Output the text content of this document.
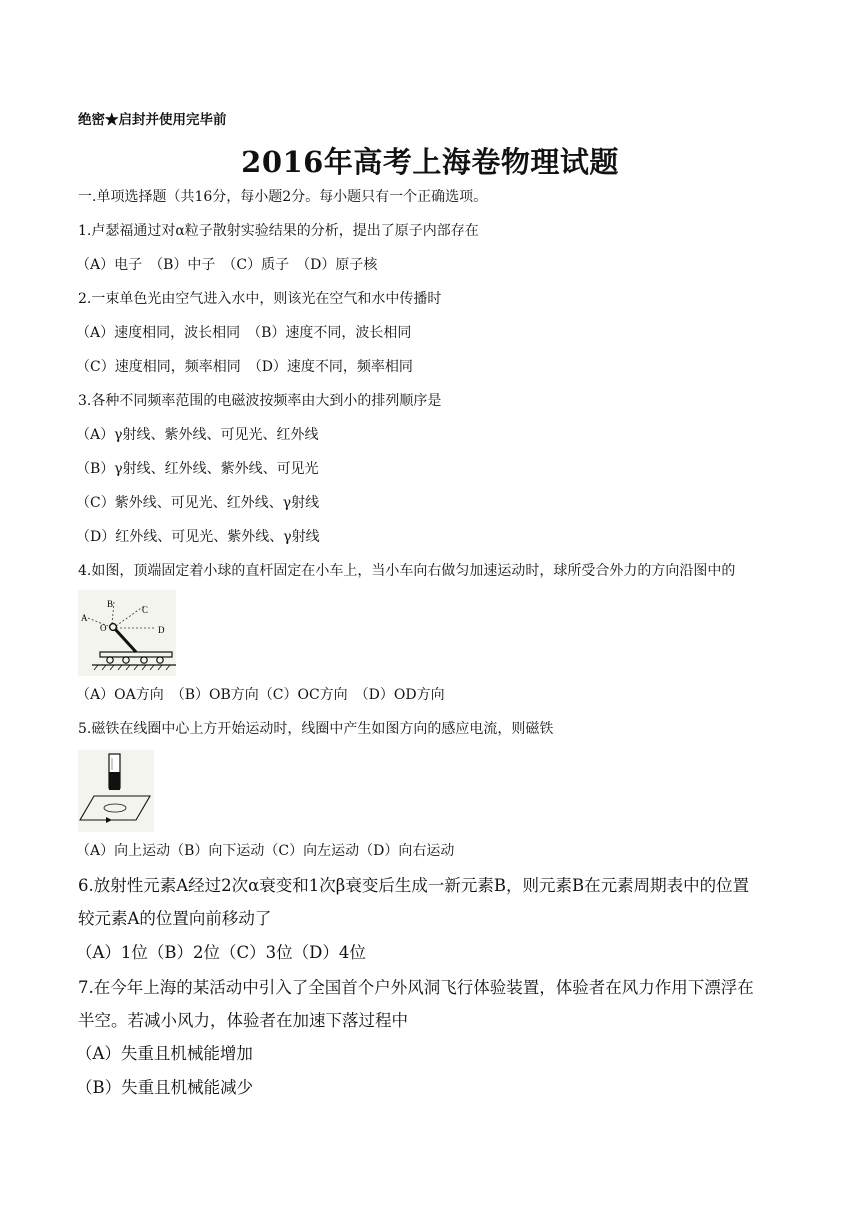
绝密★启封并使用完毕前
2016年高考上海卷物理试题
一.单项选择题（共16分，每小题2分。每小题只有一个正确选项。
1.卢瑟福通过对α粒子散射实验结果的分析，提出了原子内部存在
（A）电子　（B）中子　（C）质子　（D）原子核
2.一束单色光由空气进入水中，则该光在空气和水中传播时
（A）速度相同，波长相同　（B）速度不同，波长相同
（C）速度相同，频率相同　（D）速度不同，频率相同
3.各种不同频率范围的电磁波按频率由大到小的排列顺序是
（A）γ射线、紫外线、可见光、红外线
（B）γ射线、红外线、紫外线、可见光
（C）紫外线、可见光、红外线、γ射线
（D）红外线、可见光、紫外线、γ射线
4.如图，顶端固定着小球的直杆固定在小车上，当小车向右做匀加速运动时，球所受合外力的方向沿图中的
A
B
C
O	D
（A）OA方向　（B）OB方向（C）OC方向　（D）OD方向
5.磁铁在线圈中心上方开始运动时，线圈中产生如图方向的感应电流，则磁铁
（A）向上运动（B）向下运动（C）向左运动（D）向右运动
6.放射性元素A经过2次α衰变和1次β衰变后生成一新元素B，则元素B在元素周期表中的位置
较元素A的位置向前移动了
（A）1位（B）2位（C）3位（D）4位
7.在今年上海的某活动中引入了全国首个户外风洞飞行体验装置，体验者在风力作用下漂浮在
半空。若减小风力，体验者在加速下落过程中
（A）失重且机械能增加
（B）失重且机械能减少
